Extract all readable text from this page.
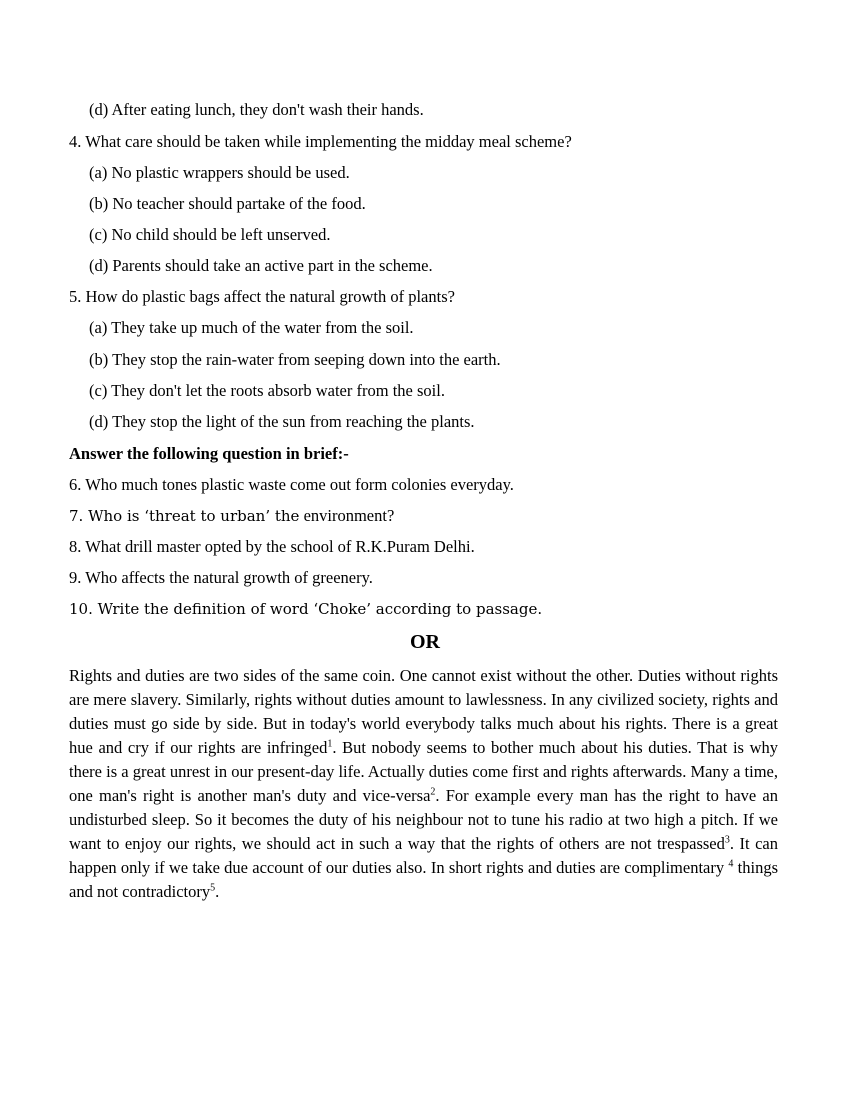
(d) After eating lunch, they don't wash their hands.
4. What care should be taken while implementing the midday meal scheme?
(a) No plastic wrappers should be used.
(b) No teacher should partake of the food.
(c) No child should be left unserved.
(d) Parents should take an active part in the scheme.
5. How do plastic bags affect the natural growth of plants?
(a) They take up much of the water from the soil.
(b) They stop the rain-water from seeping down into the earth.
(c) They don't let the roots absorb water from the soil.
(d) They stop the light of the sun from reaching the plants.
Answer the following question in brief:-
6. Who much tones plastic waste come out form colonies everyday.
7. Who is ‘threat to urban’ the environment?
8. What drill master opted by the school of R.K.Puram Delhi.
9. Who affects the natural growth of greenery.
10. Write the definition of word ‘Choke’ according to passage.
OR
Rights and duties are two sides of the same coin. One cannot exist without the other. Duties without rights are mere slavery. Similarly, rights without duties amount to lawlessness. In any civilized society, rights and duties must go side by side. But in today's world everybody talks much about his rights. There is a great hue and cry if our rights are infringed$^1$. But nobody seems to bother much about his duties. That is why there is a great unrest in our present-day life. Actually duties come first and rights afterwards. Many a time, one man's right is another man's duty and vice-versa$^2$. For example every man has the right to have an undisturbed sleep. So it becomes the duty of his neighbour not to tune his radio at two high a pitch. If we want to enjoy our rights, we should act in such a way that the rights of others are not trespassed$^3$. It can happen only if we take due account of our duties also. In short rights and duties are complimentary $^4$ things and not contradictory$^5$.
